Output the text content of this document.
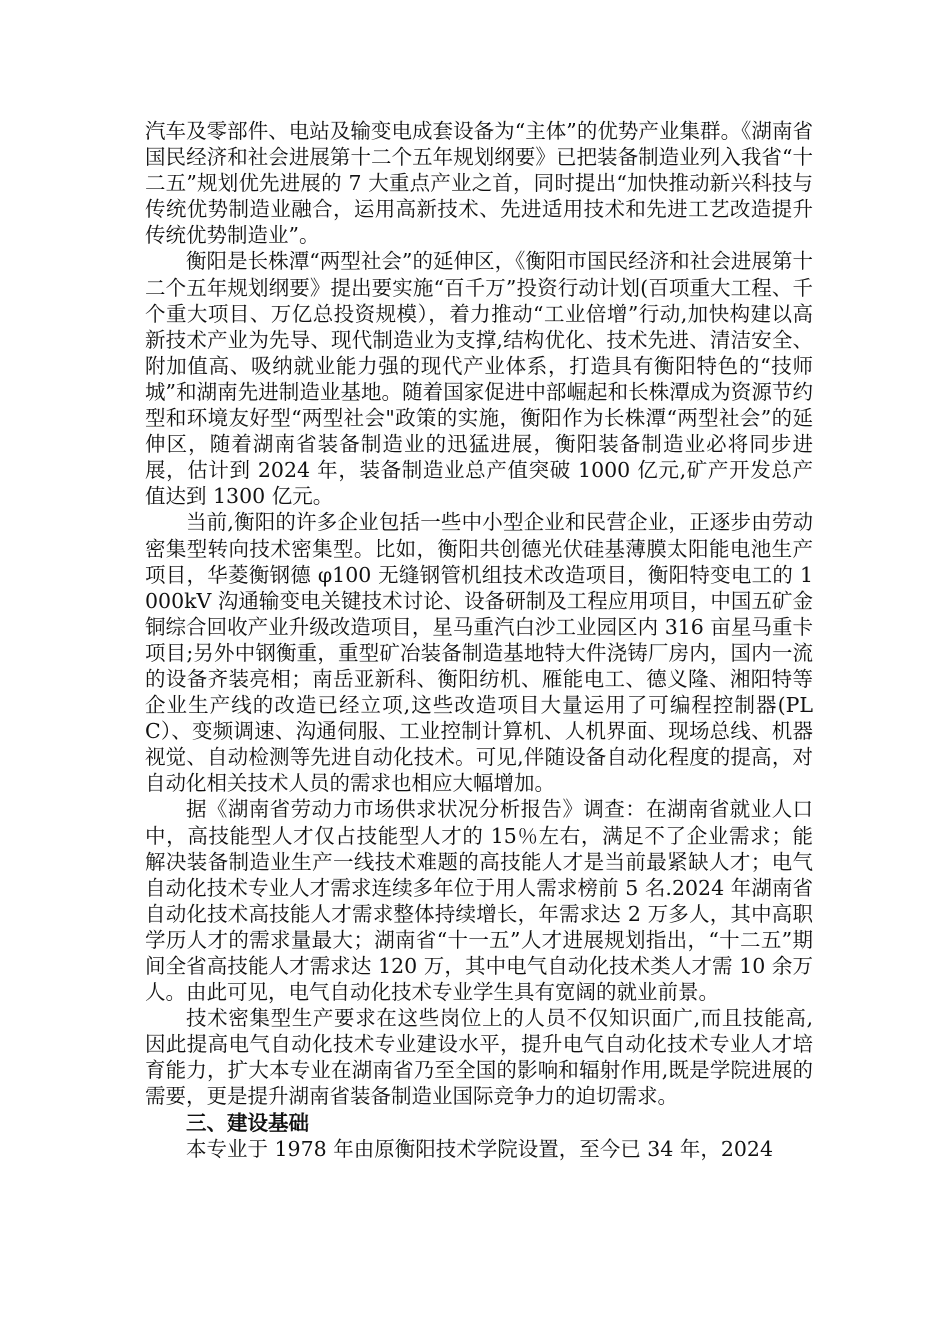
汽车及零部件、电站及输变电成套设备为“主体”的优势产业集群。《湖南省国民经济和社会进展第十二个五年规划纲要》已把装备制造业列入我省“十二五”规划优先进展的 7 大重点产业之首，同时提出“加快推动新兴科技与传统优势制造业融合，运用高新技术、先进适用技术和先进工艺改造提升传统优势制造业”。

衡阳是长株潭“两型社会”的延伸区，《衡阳市国民经济和社会进展第十二个五年规划纲要》提出要实施“百千万”投资行动计划(百项重大工程、千个重大项目、万亿总投资规模），着力推动“工业倍增”行动,加快构建以高新技术产业为先导、现代制造业为支撑,结构优化、技术先进、清洁安全、附加值高、吸纳就业能力强的现代产业体系，打造具有衡阳特色的“技师城”和湖南先进制造业基地。随着国家促进中部崛起和长株潭成为资源节约型和环境友好型“两型社会"政策的实施，衡阳作为长株潭“两型社会”的延伸区，随着湖南省装备制造业的迅猛进展，衡阳装备制造业必将同步进展，估计到 2024 年，装备制造业总产值突破 1000 亿元,矿产开发总产值达到 1300 亿元。

当前,衡阳的许多企业包括一些中小型企业和民营企业，正逐步由劳动密集型转向技术密集型。比如，衡阳共创德光伏硅基薄膜太阳能电池生产项目，华菱衡钢德 φ100 无缝钢管机组技术改造项目，衡阳特变电工的 1000kV 沟通输变电关键技术讨论、设备研制及工程应用项目，中国五矿金铜综合回收产业升级改造项目，星马重汽白沙工业园区内 316 亩星马重卡项目;另外中钢衡重，重型矿冶装备制造基地特大件浇铸厂房内，国内一流的设备齐装亮相；南岳亚新科、衡阳纺机、雁能电工、德义隆、湘阳特等企业生产线的改造已经立项,这些改造项目大量运用了可编程控制器(PLC）、变频调速、沟通伺服、工业控制计算机、人机界面、现场总线、机器视觉、自动检测等先进自动化技术。可见,伴随设备自动化程度的提高，对自动化相关技术人员的需求也相应大幅增加。

据《湖南省劳动力市场供求状况分析报告》调查：在湖南省就业人口中，高技能型人才仅占技能型人才的 15％左右，满足不了企业需求；能解决装备制造业生产一线技术难题的高技能人才是当前最紧缺人才；电气自动化技术专业人才需求连续多年位于用人需求榜前 5 名.2024 年湖南省自动化技术高技能人才需求整体持续增长，年需求达 2 万多人，其中高职学历人才的需求量最大；湖南省“十一五”人才进展规划指出，“十二五”期间全省高技能人才需求达 120 万，其中电气自动化技术类人才需 10 余万人。由此可见，电气自动化技术专业学生具有宽阔的就业前景。

技术密集型生产要求在这些岗位上的人员不仅知识面广,而且技能高,因此提高电气自动化技术专业建设水平，提升电气自动化技术专业人才培育能力，扩大本专业在湖南省乃至全国的影响和辐射作用,既是学院进展的需要，更是提升湖南省装备制造业国际竞争力的迫切需求。

三、建设基础

本专业于 1978 年由原衡阳技术学院设置，至今已 34 年，2024
